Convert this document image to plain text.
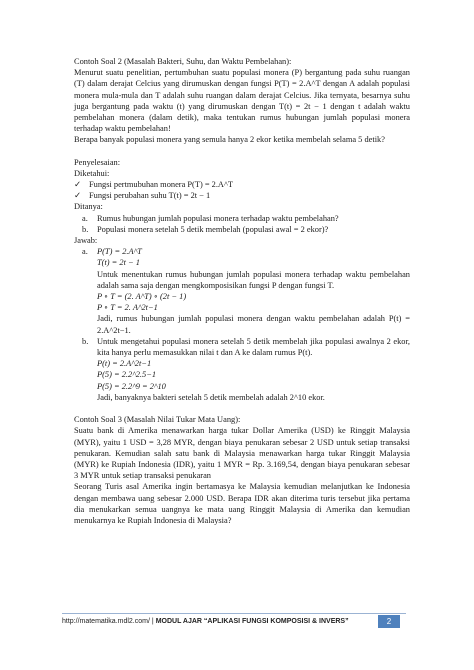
Contoh Soal 2 (Masalah Bakteri, Suhu, dan Waktu Pembelahan):

Menurut suatu penelitian, pertumbuhan suatu populasi monera (P) bergantung pada suhu ruangan (T) dalam derajat Celcius yang dirumuskan dengan fungsi P(T) = 2.A^T dengan A adalah populasi monera mula-mula dan T adalah suhu ruangan dalam derajat Celcius. Jika ternyata, besarnya suhu juga bergantung pada waktu (t) yang dirumuskan dengan T(t) = 2t − 1 dengan t adalah waktu pembelahan monera (dalam detik), maka tentukan rumus hubungan jumlah populasi monera terhadap waktu pembelahan!

Berapa banyak populasi monera yang semula hanya 2 ekor ketika membelah selama 5 detik?

Penyelesaian:

Diketahui:

✓ Fungsi pertmubuhan monera P(T) = 2.A^T
✓ Fungsi perubahan suhu T(t) = 2t − 1

Ditanya:

a.	Rumus hubungan jumlah populasi monera terhadap waktu pembelahan?
b.	Populasi monera setelah 5 detik membelah (populasi awal = 2 ekor)?

Jawab:

a.	P(T) = 2.A^T

T(t) = 2t − 1

Untuk menentukan rumus hubungan jumlah populasi monera terhadap waktu pembelahan adalah sama saja dengan mengkomposisikan fungsi P dengan fungsi T.

P ∘ T = (2. A^T) ∘ (2t − 1)

P ∘ T = 2. A^2t−1

Jadi, rumus hubungan jumlah populasi monera dengan waktu pembelahan adalah P(t) = 2.A^2t−1.

b.	Untuk mengetahui populasi monera setelah 5 detik membelah jika populasi awalnya 2 ekor, kita hanya perlu memasukkan nilai t dan A ke dalam rumus P(t).

P(t) = 2.A^2t−1

P(5) = 2.2^2.5−1

P(5) = 2.2^9 = 2^10

Jadi, banyaknya bakteri setelah 5 detik membelah adalah 2^10 ekor.

Contoh Soal 3 (Masalah Nilai Tukar Mata Uang):

Suatu bank di Amerika menawarkan harga tukar Dollar Amerika (USD) ke Ringgit Malaysia (MYR), yaitu 1 USD = 3,28 MYR, dengan biaya penukaran sebesar 2 USD untuk setiap transaksi penukaran. Kemudian salah satu bank di Malaysia menawarkan harga tukar Ringgit Malaysia (MYR) ke Rupiah Indonesia (IDR), yaitu 1 MYR = Rp. 3.169,54, dengan biaya penukaran sebesar 3 MYR untuk setiap transaksi penukaran

Seorang Turis asal Amerika ingin bertamasya ke Malaysia kemudian melanjutkan ke Indonesia dengan membawa uang sebesar 2.000 USD. Berapa IDR akan diterima turis tersebut jika pertama dia menukarkan semua uangnya ke mata uang Ringgit Malaysia di Amerika dan kemudian menukarnya ke Rupiah Indonesia di Malaysia?

http://matematika.mdl2.com/ | MODUL AJAR “APLIKASI FUNGSI KOMPOSISI & INVERS”	2
